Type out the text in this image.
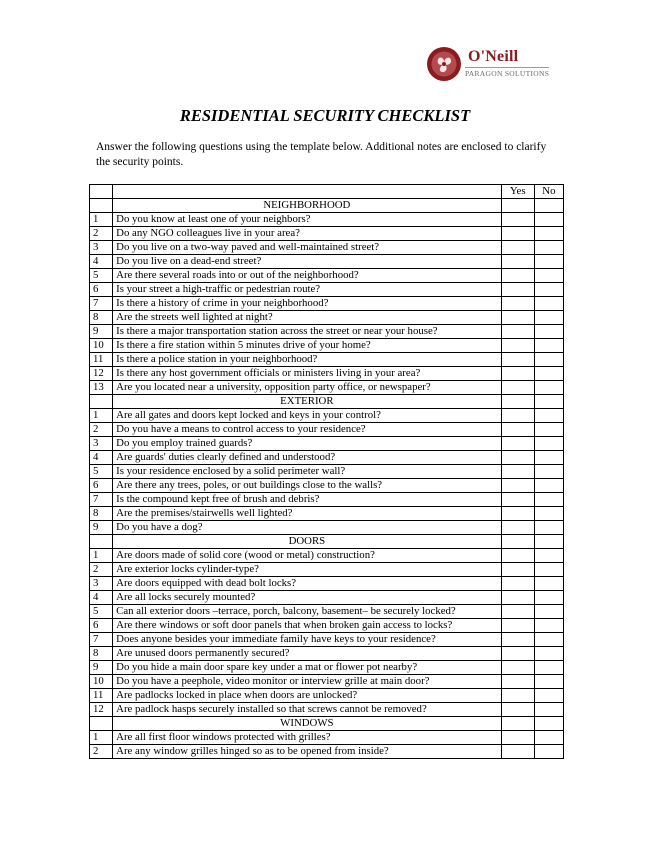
O'Neill
PARAGON SOLUTIONS
RESIDENTIAL SECURITY CHECKLIST
Answer the following questions using the template below. Additional notes are enclosed to clarify the security points.
		Yes	No
	NEIGHBORHOOD		
1	Do you know at least one of your neighbors?		
2	Do any NGO colleagues live in your area?		
3	Do you live on a two-way paved and well-maintained street?		
4	Do you live on a dead-end street?		
5	Are there several roads into or out of the neighborhood?		
6	Is your street a high-traffic or pedestrian route?		
7	Is there a history of crime in your neighborhood?		
8	Are the streets well lighted at night?		
9	Is there a major transportation station across the street or near your house?		
10	Is there a fire station within 5 minutes drive of your home?		
11	Is there a police station in your neighborhood?		
12	Is there any host government officials or ministers living in your area?		
13	Are you located near a university, opposition party office, or newspaper?		
	EXTERIOR		
1	Are all gates and doors kept locked and keys in your control?		
2	Do you have a means to control access to your residence?		
3	Do you employ trained guards?		
4	Are guards' duties clearly defined and understood?		
5	Is your residence enclosed by a solid perimeter wall?		
6	Are there any trees, poles, or out buildings close to the walls?		
7	Is the compound kept free of brush and debris?		
8	Are the premises/stairwells well lighted?		
9	Do you have a dog?		
	DOORS		
1	Are doors made of solid core (wood or metal) construction?		
2	Are exterior locks cylinder-type?		
3	Are doors equipped with dead bolt locks?		
4	Are all locks securely mounted?		
5	Can all exterior doors –terrace, porch, balcony, basement– be securely locked?		
6	Are there windows or soft door panels that when broken gain access to locks?		
7	Does anyone besides your immediate family have keys to your residence?		
8	Are unused doors permanently secured?		
9	Do you hide a main door spare key under a mat or flower pot nearby?		
10	Do you have a peephole, video monitor or interview grille at main door?		
11	Are padlocks locked in place when doors are unlocked?		
12	Are padlock hasps securely installed so that screws cannot be removed?		
	WINDOWS		
1	Are all first floor windows protected with grilles?		
2	Are any window grilles hinged so as to be opened from inside?		
